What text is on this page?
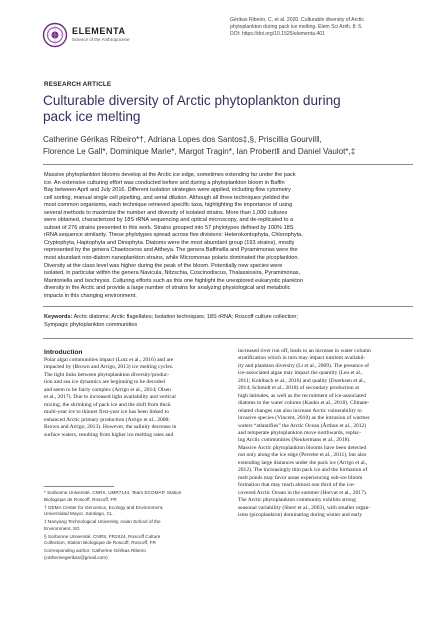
ELEMENTA
Science of the Anthropocene
Gérikas Ribeiro, C, et al. 2020. Culturable diversity of Arctic
phytoplankton during pack ice melting. Elem Sci Anth, 8: 6.
DOI: https://doi.org/10.1525/elementa.401
RESEARCH ARTICLE
Culturable diversity of Arctic phytoplankton during
pack ice melting
Catherine Gérikas Ribeiro*†, Adriana Lopes dos Santos‡,§, Priscillia Gourvil‖,
Florence Le Gall*, Dominique Marie*, Margot Tragin*, Ian Probert‖ and Daniel Vaulot*,‡
Massive phytoplankton blooms develop at the Arctic ice edge, sometimes extending far under the pack
ice. An extensive culturing effort was conducted before and during a phytoplankton bloom in Baffin
Bay between April and July 2016. Different isolation strategies were applied, including flow cytometry
cell sorting, manual single cell pipetting, and serial dilution. Although all three techniques yielded the
most common organisms, each technique retrieved specific taxa, highlighting the importance of using
several methods to maximize the number and diversity of isolated strains. More than 1,000 cultures
were obtained, characterized by 18S rRNA sequencing and optical microscopy, and de-replicated to a
subset of 276 strains presented in this work. Strains grouped into 57 phylotypes defined by 100% 18S
rRNA sequence similarity. These phylotypes spread across five divisions: Heterokontophyta, Chlorophyta,
Cryptophyta, Haptophyta and Dinophyta. Diatoms were the most abundant group (193 strains), mostly
represented by the genera Chaetoceros and Attheya. The genera Baffinella and Pyramimonas were the
most abundant non-diatom nanoplankton strains, while Micromonas polaris dominated the picoplankton.
Diversity at the class level was higher during the peak of the bloom. Potentially new species were
isolated, in particular within the genera Navicula, Nitzschia, Coscinodiscus, Thalassiosira, Pyramimonas,
Mantoniella and Isochrysis. Culturing efforts such as this one highlight the unexplored eukaryotic plankton
diversity in the Arctic and provide a large number of strains for analyzing physiological and metabolic
impacts in this changing environment.
Keywords: Arctic diatoms; Arctic flagellates; Isolation techniques; 18S rRNA; Roscoff culture collection;
Sympagic phytoplankton communities
Introduction
Polar algal communities impact (Lutz et al., 2016) and are
impacted by (Brown and Arrigo, 2013) ice melting cycles.
The tight links between phytoplankton diversity/produc-
tion and sea ice dynamics are beginning to be decoded
and seem to be fairly complex (Arrigo et al., 2014; Olsen
et al., 2017). Due to increased light availability and vertical
mixing, the shrinking of pack ice and the shift from thick
multi-year ice to thinner first-year ice has been linked to
enhanced Arctic primary production (Arrigo et al., 2008;
Brown and Arrigo, 2013). However, the salinity decrease in
surface waters, resulting from higher ice melting rates and
* Sorbonne Université, CNRS, UMR7144, Team ECOMAP, Station
Biologique de Roscoff, Roscoff, FR
† GEMA Center for Genomics, Ecology and Environment,
Universidad Mayor, Santiago, CL
‡ Nanyang Technological University, Asian School of the
Environment, SG
§ Sorbonne Université, CNRS, FR2424, Roscoff Culture
Collection, Station Biologique de Roscoff, Roscoff, FR
Corresponding author: Catherine Gérikas Ribeiro
(catherinegerikas@gmail.com)
increased river run off, leads to an increase in water column
stratification which in turn may impact nutrient availabil-
ity and plankton diversity (Li et al., 2009). The presence of
ice-associated algae may impact the quantity (Leu et al.,
2011; Kohlbach et al., 2016) and quality (Duerksen et al.,
2014; Schmidt et al., 2018) of secondary production at
high latitudes, as well as the recruitment of ice-associated
diatoms to the water column (Kauko et al., 2018). Climate-
related changes can also increase Arctic vulnerability to
invasive species (Vincent, 2010) as the intrusion of warmer
waters “atlantifies” the Arctic Ocean (Årthun et al., 2012)
and temperate phytoplankton move northwards, replac-
ing Arctic communities (Neukermans et al., 2018).
Massive Arctic phytoplankton blooms have been detected
not only along the ice edge (Perrette et al., 2011), but also
extending large distances under the pack ice (Arrigo et al.,
2012). The increasingly thin pack ice and the formation of
melt ponds may favor areas experiencing sub-ice bloom
formation that may reach almost one third of the ice-
covered Arctic Ocean in the summer (Horvat et al., 2017).
The Arctic phytoplankton community exhibits strong
seasonal variability (Sherr et al., 2003), with smaller organ-
isms (picoplankton) dominating during winter and early
